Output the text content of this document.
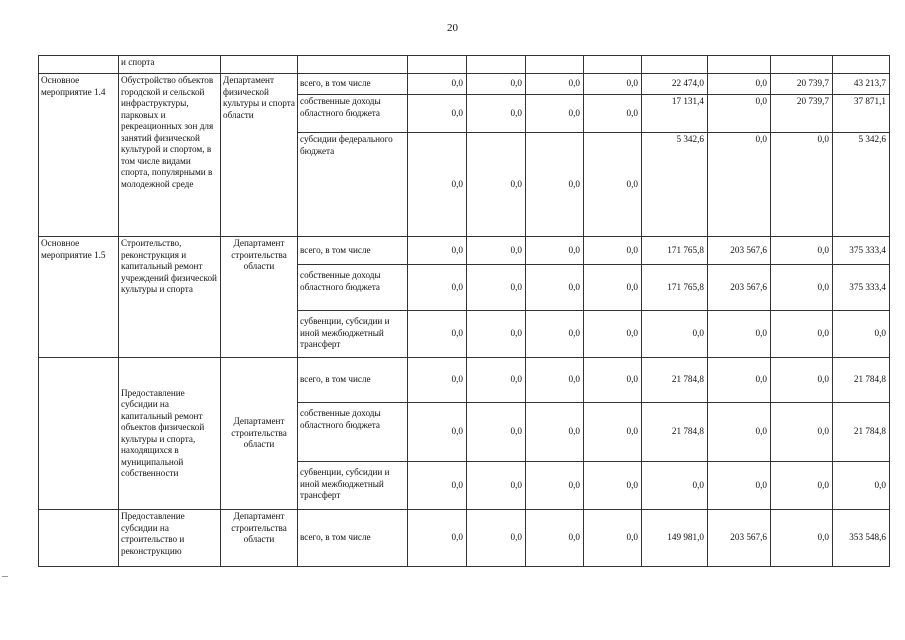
20
	и спорта										
Основное мероприятие 1.4	Обустройство объектов городской и сельской инфраструктуры, парковых и рекреационных зон для занятий физической культурой и спортом, в том числе видами спорта, популярными в молодежной среде	Департамент физической культуры и спорта области	всего, в том числе	0,0	0,0	0,0	0,0	22 474,0	0,0	20 739,7	43 213,7
			собственные доходы областного бюджета	0,0	0,0	0,0	0,0	17 131,4	0,0	20 739,7	37 871,1
			субсидии федерального бюджета	0,0	0,0	0,0	0,0	5 342,6	0,0	0,0	5 342,6
Основное мероприятие 1.5	Строительство, реконструкция и капитальный ремонт учреждений физической культуры и спорта	Департамент строительства области	всего, в том числе	0,0	0,0	0,0	0,0	171 765,8	203 567,6	0,0	375 333,4
			собственные доходы областного бюджета	0,0	0,0	0,0	0,0	171 765,8	203 567,6	0,0	375 333,4
			субвенции, субсидии и иной межбюджетный трансферт	0,0	0,0	0,0	0,0	0,0	0,0	0,0	0,0
	Предоставление субсидии на капитальный ремонт объектов физической культуры и спорта, находящихся в муниципальной собственности	Департамент строительства области	всего, в том числе	0,0	0,0	0,0	0,0	21 784,8	0,0	0,0	21 784,8
			собственные доходы областного бюджета	0,0	0,0	0,0	0,0	21 784,8	0,0	0,0	21 784,8
			субвенции, субсидии и иной межбюджетный трансферт	0,0	0,0	0,0	0,0	0,0	0,0	0,0	0,0
	Предоставление субсидии на строительство и реконструкцию	Департамент строительства области	всего, в том числе	0,0	0,0	0,0	0,0	149 981,0	203 567,6	0,0	353 548,6
